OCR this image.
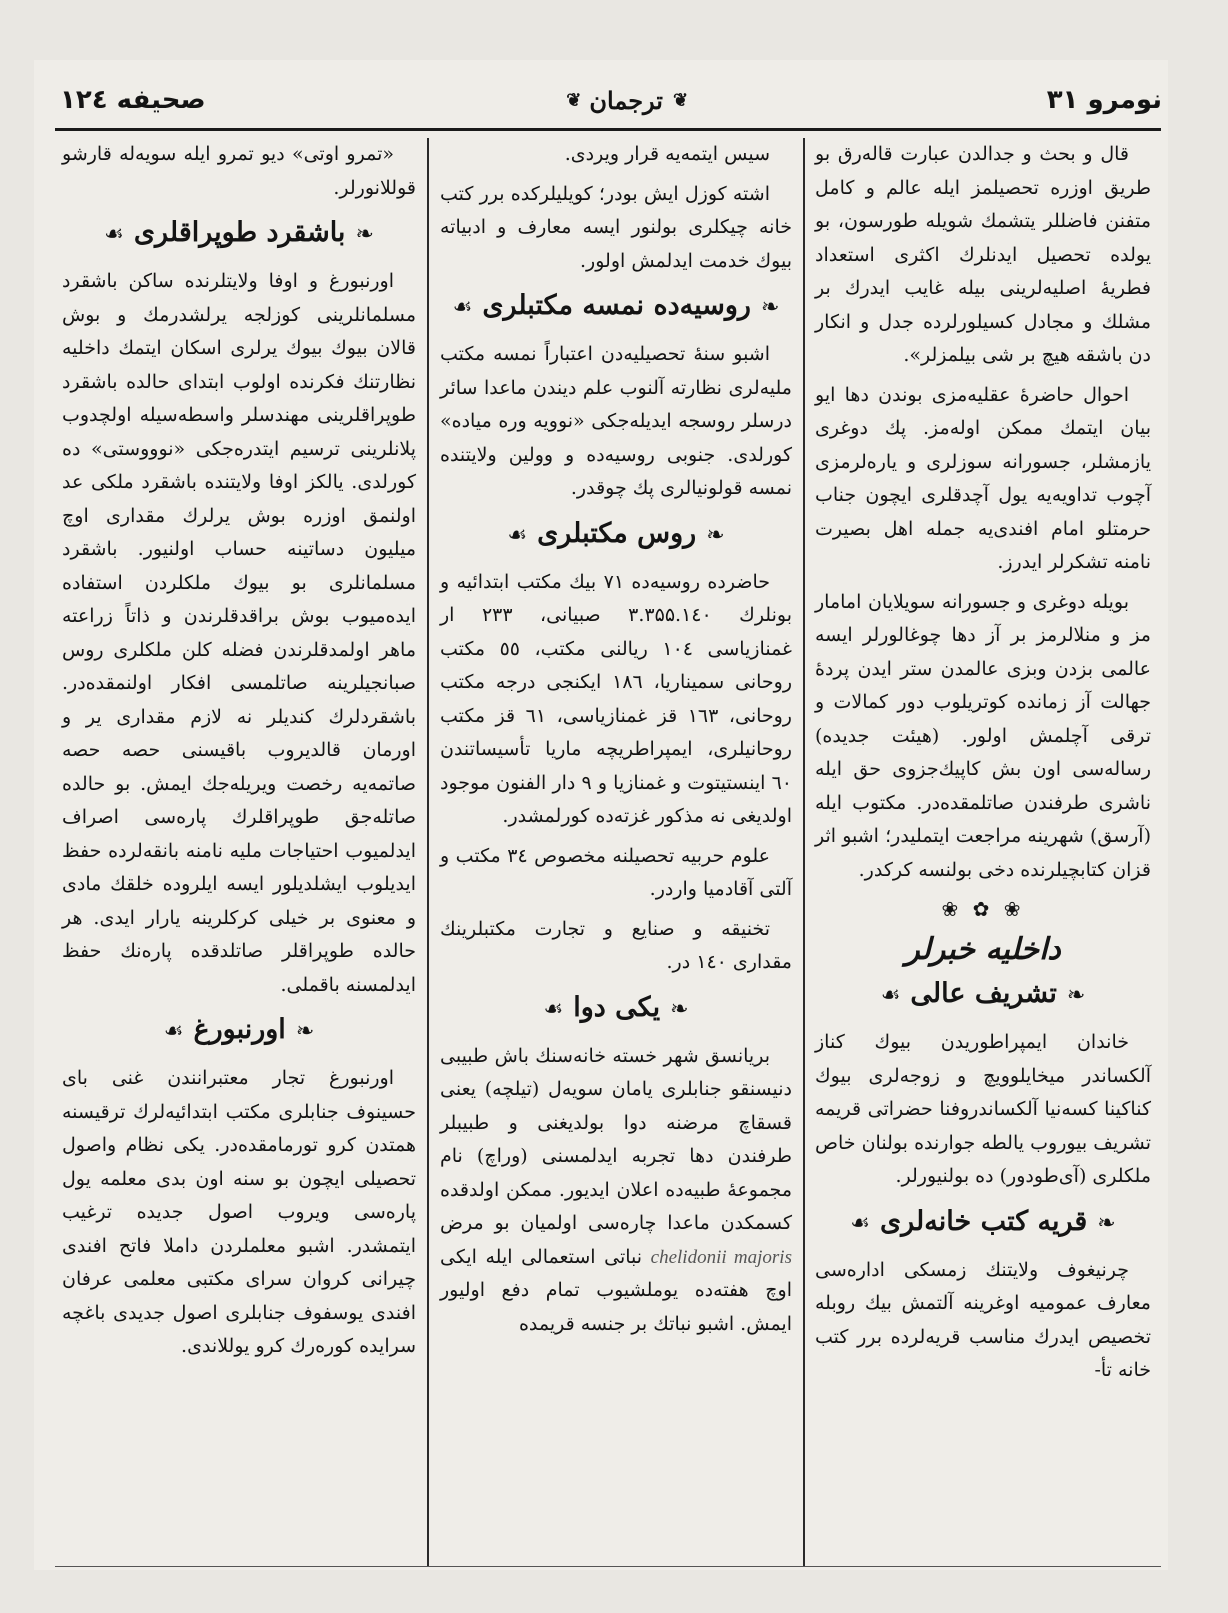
نومرو ۳۱
❦
ترجمان
❦
صحیفه ۱۲٤

قال و بحث و جدالدن عبارت قالەرق بو طریق اوزره تحصیلمز ایله عالم و کامل متفنن فاضللر یتشمك شویله طورسون، بو یولده تحصیل ایدنلرك اکثری استعداد فطریهٔ اصلیەلرینی بیله غایب ایدرك بر مشلك و مجادل کسیلورلرده جدل و انکار دن باشقه هیچ بر شی بیلمزلر».

احوال حاضرهٔ عقلیەمزی بوندن دها ایو بیان ایتمك ممکن اولەمز. پك دوغری یازمشلر، جسورانه سوزلری و یارەلرمزی آچوب تداویەیه یول آچدقلری ایچون جناب حرمتلو امام افندی‌یه جمله اهل بصیرت نامنه تشکرلر ایدرز.

بویله دوغری و جسورانه سویلایان امامار مز و منلالرمز بر آز دها چوغالورلر ایسه عالمی بزدن وبزی عالمدن ستر ایدن پردهٔ جهالت آز زمانده کوتریلوب دور کمالات و ترقی آچلمش اولور. (هیئت جدیده) رسالەسی اون بش کاپیك‌جزوی حق ایله ناشری طرفندن صاتلمقده‌در. مکتوب ایله (آرسق) شهرینه مراجعت ایتملیدر؛ اشبو اثر قزان کتابچیلرنده دخی بولنسه کرکدر.

❀ ✿ ❀
داخلیه خبرلر
❧تشریف عالی☙

خاندان ایمپراطوریدن بیوك کناز آلکساندر میخایلوویچ و زوجەلری بیوك کناکینا کسه‌نیا آلکساندروفنا حضراتی قریمه تشریف بیوروب یالطه جوارنده بولنان خاص ملکلری (آی‌طودور) ده بولنیورلر.

❧قریه کتب خانەلری☙

چرنیغوف ولایتنك زمسکی ادارەسی معارف عمومیه اوغرینه آلتمش بیك روبله تخصیص ایدرك مناسب قریەلرده برر کتب خانه تأ-

سیس ایتمەیه قرار ویردی.

اشته کوزل ایش بودر؛ کویلیلرکده برر کتب خانه چیکلری بولنور ایسه معارف و ادبیاته بیوك خدمت ایدلمش اولور.

❧روسیەده نمسه مکتبلری☙

اشبو سنهٔ تحصیلیەدن اعتباراً نمسه مکتب ملیەلری نظارته آلنوب علم دیندن ماعدا سائر درسلر روسجه ایدیله‌جکی «نوویه وره میاده» کورلدی. جنوبی روسیەده و وولین ولایتنده نمسه قولونیالری پك چوقدر.

❧روس مکتبلری☙

حاضرده روسیەده ۷۱ بیك مکتب ابتدائیه و بونلرك ۳.۳۵۵.۱٤۰ صبیانی، ۲۳۳ ار غمنازیاسی ۱۰٤ ریالنی مکتب، ٥٥ مکتب روحانی سمیناریا، ۱۸٦ ایکنجی درجه مکتب روحانی، ۱٦۳ قز غمنازیاسی، ٦۱ قز مکتب روحانیلری، ایمپراطریچه ماریا تأسیساتندن ٦۰ اینستیتوت و غمنازیا و ۹ دار الفنون موجود اولدیغی نه مذکور غزتەده کورلمشدر.

علوم حربیه تحصیلنه مخصوص ۳٤ مکتب و آلتی آقادمیا واردر.

تخنیقه و صنایع و تجارت مکتبلرینك مقداری ۱٤۰ در.

❧یکی دوا☙

بریانسق شهر خسته خانەسنك باش طبیبی دنیسنقو جنابلری یامان سویەل (تیلچه) یعنی قسقاچ مرضنه دوا بولدیغنی و طبیبلر طرفندن دها تجربه ایدلمسنی (وراچ) نام مجموعهٔ طبیەده اعلان ایدیور. ممکن اولدقده کسمکدن ماعدا چارەسی اولمیان بو مرض chelidonii majoris نباتی استعمالی ایله ایکی اوچ هفتەده یوملشیوب تمام دفع اولیور ایمش. اشبو نباتك بر جنسه قریمده

«تمرو اوتی» دیو تمرو ایله سویەله قارشو قوللانورلر.

❧باشقرد طوپراقلری☙

اورنبورغ و اوفا ولایتلرنده ساکن باشقرد مسلمانلرینی کوزلجه یرلشدرمك و بوش قالان بیوك بیوك یرلری اسکان ایتمك داخلیه نظارتنك فکرنده اولوب ابتدای حالده باشقرد طوپراقلرینی مهندسلر واسطەسیله اولچدوب پلانلرینی ترسیم ایتدرەجکی «نوووستی» ده کورلدی. یالکز اوفا ولایتنده باشقرد ملکی عد اولنمق اوزره بوش یرلرك مقداری اوچ میلیون دساتینه حساب اولنیور. باشقرد مسلمانلری بو بیوك ملکلردن استفاده ایدەمیوب بوش براقدقلرندن و ذاتاً زراعته ماهر اولمدقلرندن فضله کلن ملکلری روس صبانجیلرینه صاتلمسی افکار اولنمقده‌در. باشقردلرك کندیلر نه لازم مقداری یر و اورمان قالدیروب باقیسنی حصه حصه صاتمەیه رخصت ویریله‌جك ایمش. بو حالده صاتله‌جق طوپراقلرك پارەسی اصراف ایدلمیوب احتیاجات ملیه نامنه بانقەلرده حفظ ایدیلوب ایشلدیلور ایسه ایلروده خلقك مادی و معنوی بر خیلی کرکلرینه یارار ایدی. هر حالده طوپراقلر صاتلدقده پارەنك حفظ ایدلمسنه باقملی.

❧اورنبورغ☙

اورنبورغ تجار معتبرانندن غنی بای حسینوف جنابلری مکتب ابتدائیەلرك ترقیسنه همتدن کرو تورمامقده‌در. یکی نظام واصول تحصیلی ایچون بو سنه اون بدی معلمه یول پارەسی ویروب اصول جدیده ترغیب ایتمشدر. اشبو معلملردن داملا فاتح افندی چیرانی کروان سرای مکتبی معلمی عرفان افندی یوسفوف جنابلری اصول جدیدی باغچه سرایده کورەرك کرو یوللاندی.
